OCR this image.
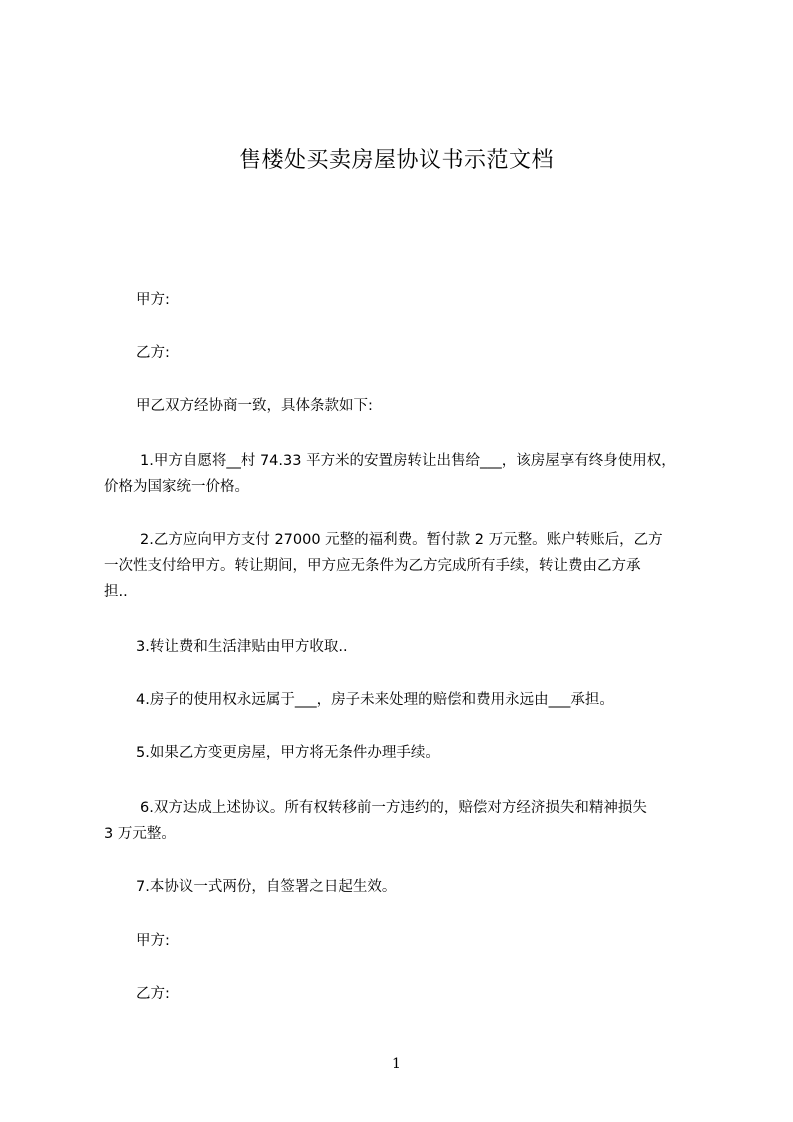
售楼处买卖房屋协议书示范文档
甲方:
乙方:
甲乙双方经协商一致，具体条款如下:
1.甲方自愿将__村 74.33 平方米的安置房转让出售给___，该房屋享有终身使用权，
价格为国家统一价格。
2.乙方应向甲方支付 27000 元整的福利费。暂付款 2 万元整。账户转账后，乙方
一次性支付给甲方。转让期间，甲方应无条件为乙方完成所有手续，转让费由乙方承
担..
3.转让费和生活津贴由甲方收取..
4.房子的使用权永远属于___，房子未来处理的赔偿和费用永远由___承担。
5.如果乙方变更房屋，甲方将无条件办理手续。
6.双方达成上述协议。所有权转移前一方违约的，赔偿对方经济损失和精神损失
3 万元整。
7.本协议一式两份，自签署之日起生效。
甲方:
乙方:
1
